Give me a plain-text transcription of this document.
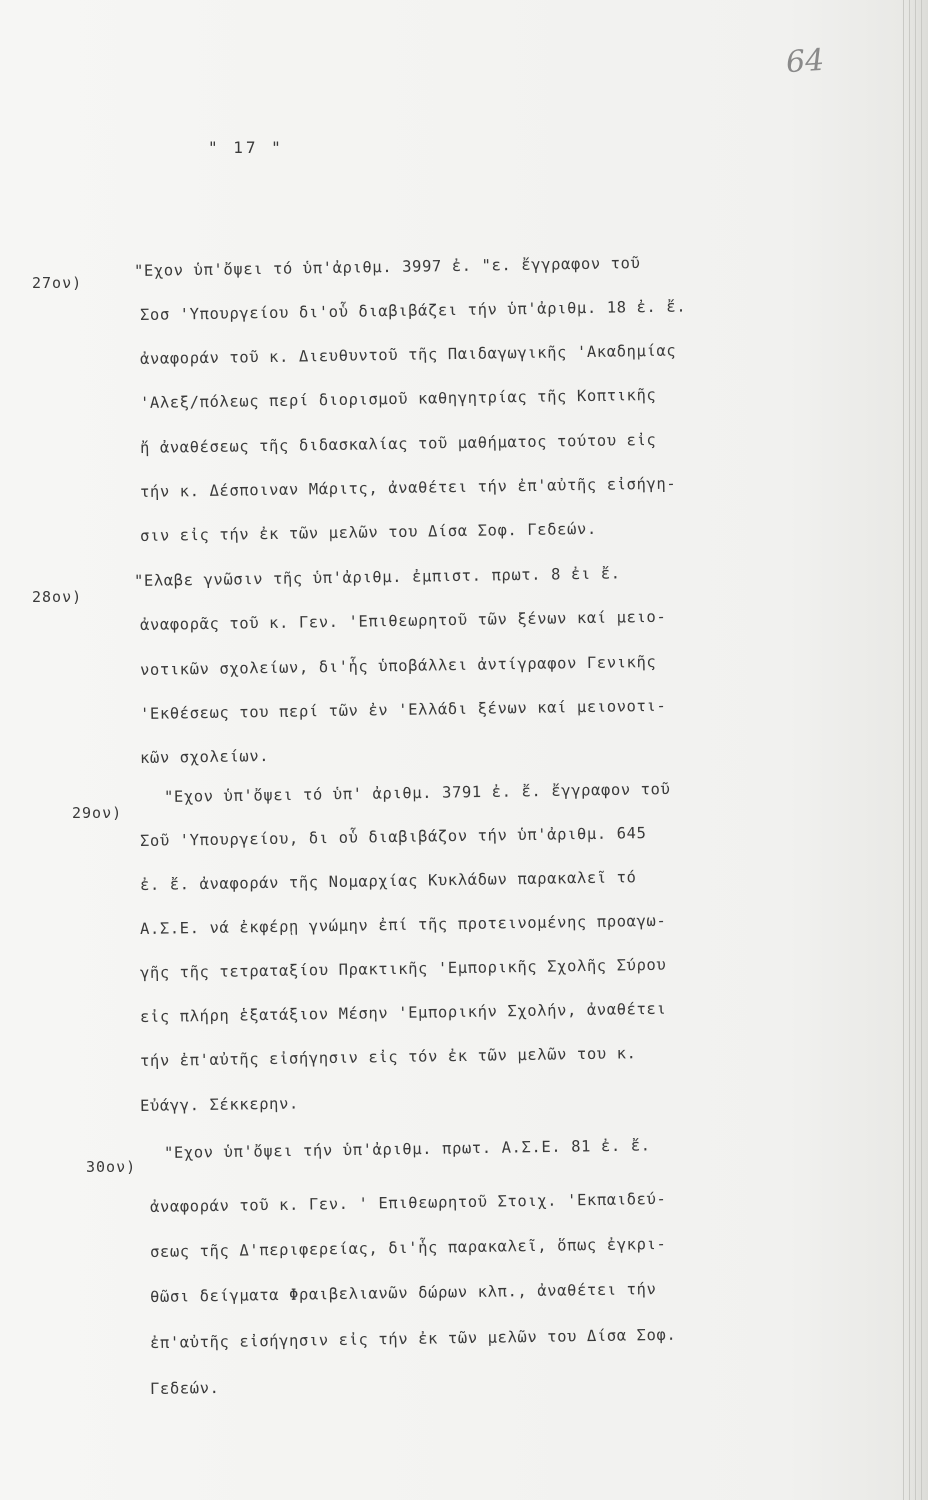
64
" 17 "
27ον)
"Εχον ὑπ'ὄψει τό ὑπ'ἀριθμ. 3997 ἐ. "ε. ἔγγραφον τοῦ
Σοσ 'Υπουργείου δι'οὗ διαβιβάζει τήν ὑπ'ἀριθμ. 18 ἐ. ἔ.
ἀναφοράν τοῦ κ. Διευθυντοῦ τῆς Παιδαγωγικῆς 'Ακαδημίας
'Αλεξ/πόλεως περί διορισμοῦ καθηγητρίας τῆς Κοπτικῆς
ἤ ἀναθέσεως τῆς διδασκαλίας τοῦ μαθήματος τούτου εἰς
τήν κ. Δέσποιναν Μάριτς, ἀναθέτει τήν ἐπ'αὐτῆς εἰσήγη-
σιν εἰς τήν ἐκ τῶν μελῶν του Δίσα Σοφ. Γεδεών.
28ον)
"Ελαβε γνῶσιν τῆς ὑπ'ἀριθμ. ἐμπιστ. πρωτ. 8 ἐι ἔ.
ἀναφορᾶς τοῦ κ. Γεν. 'Επιθεωρητοῦ τῶν ξένων καί μειο-
νοτικῶν σχολείων, δι'ἧς ὑποβάλλει ἀντίγραφον Γενικῆς
'Εκθέσεως του περί τῶν ἐν 'Ελλάδι ξένων καί μειονοτι-
κῶν σχολείων.
29ον)
"Εχον ὑπ'ὄψει τό ὑπ' ἀριθμ. 3791 ἐ. ἔ. ἔγγραφον τοῦ
Σοῦ 'Υπουργείου, δι οὗ διαβιβάζον τήν ὑπ'ἀριθμ. 645
ἐ. ἔ. ἀναφοράν τῆς Νομαρχίας Κυκλάδων παρακαλεῖ τό
Α.Σ.Ε. νά ἐκφέρῃ γνώμην ἐπί τῆς προτεινομένης προαγω-
γῆς τῆς τετραταξίου Πρακτικῆς 'Εμπορικῆς Σχολῆς Σύρου
εἰς πλήρη ἑξατάξιον Μέσην 'Εμπορικήν Σχολήν, ἀναθέτει
τήν ἐπ'αὐτῆς εἰσήγησιν εἰς τόν ἐκ τῶν μελῶν του κ.
Εὐάγγ. Σέκκερην.
30ον)
"Εχον ὑπ'ὄψει τήν ὑπ'ἀριθμ. πρωτ. Α.Σ.Ε. 81 ἐ. ἔ.
ἀναφοράν τοῦ κ. Γεν. ' Επιθεωρητοῦ Στοιχ. 'Εκπαιδεύ-
σεως τῆς Δ'περιφερείας, δι'ἧς παρακαλεῖ, ὅπως ἐγκρι-
θῶσι δείγματα Φραιβελιανῶν δώρων κλπ., ἀναθέτει τήν
ἐπ'αὐτῆς εἰσήγησιν εἰς τήν ἐκ τῶν μελῶν του Δίσα Σοφ.
Γεδεών.
